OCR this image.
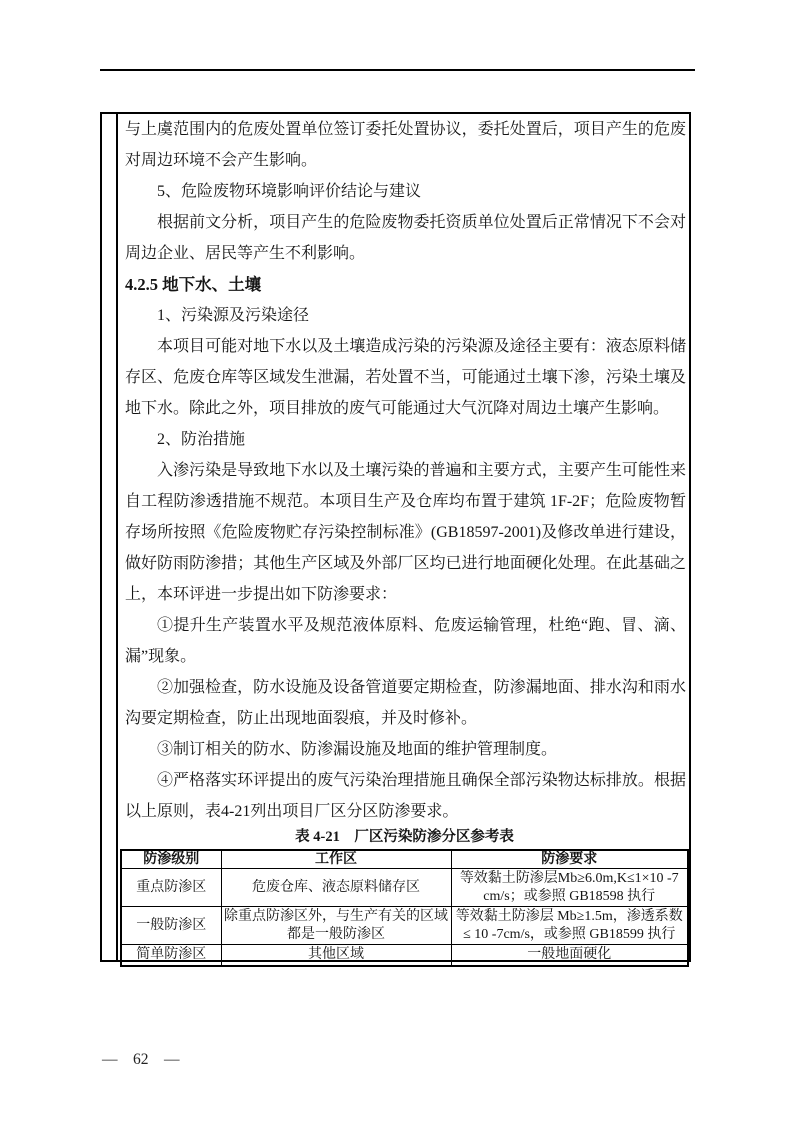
与上虞范围内的危废处置单位签订委托处置协议，委托处置后，项目产生的危废对周边环境不会产生影响。

5、危险废物环境影响评价结论与建议

根据前文分析，项目产生的危险废物委托资质单位处置后正常情况下不会对周边企业、居民等产生不利影响。

4.2.5 地下水、土壤

1、污染源及污染途径

本项目可能对地下水以及土壤造成污染的污染源及途径主要有：液态原料储存区、危废仓库等区域发生泄漏，若处置不当，可能通过土壤下渗，污染土壤及地下水。除此之外，项目排放的废气可能通过大气沉降对周边土壤产生影响。

2、防治措施

入渗污染是导致地下水以及土壤污染的普遍和主要方式，主要产生可能性来自工程防渗透措施不规范。本项目生产及仓库均布置于建筑 1F-2F；危险废物暂存场所按照《危险废物贮存污染控制标准》(GB18597-2001)及修改单进行建设，做好防雨防渗措；其他生产区域及外部厂区均已进行地面硬化处理。在此基础之上，本环评进一步提出如下防渗要求：

①提升生产装置水平及规范液体原料、危废运输管理，杜绝“跑、冒、滴、漏”现象。

②加强检查，防水设施及设备管道要定期检查，防渗漏地面、排水沟和雨水沟要定期检查，防止出现地面裂痕，并及时修补。

③制订相关的防水、防渗漏设施及地面的维护管理制度。

④严格落实环评提出的废气污染治理措施且确保全部污染物达标排放。根据以上原则，表4-21列出项目厂区分区防渗要求。

表 4-21　厂区污染防渗分区参考表
防渗级别	工作区	防渗要求
重点防渗区	危废仓库、液态原料储存区	等效黏土防渗层Mb≥6.0m,K≤1×10 -7 cm/s；或参照 GB18598 执行
一般防渗区	除重点防渗区外，与生产有关的区域都是一般防渗区	等效黏土防渗层 Mb≥1.5m，渗透系数≤ 10 -7cm/s，或参照 GB18599 执行
简单防渗区	其他区域	一般地面硬化
—　62　—
